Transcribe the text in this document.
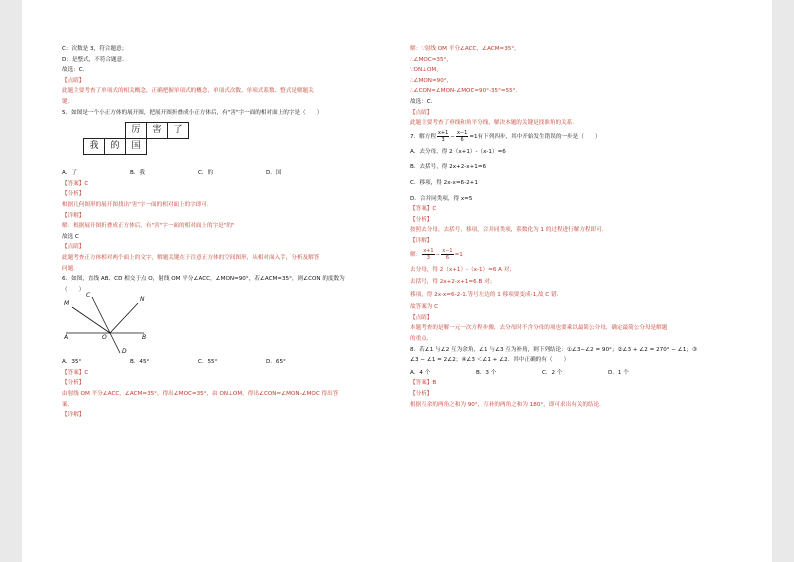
C：次数是 3，符合题意；
D：是整式，不符合题意．
故选：C．
【点睛】
此题主要考查了单项式的相关概念，正确把握单项式的概念、单项式次数、单项式系数、整式是解题关
键．
5．如图是一个小正方体的展开图，把展开图折叠成小正方体后，有"害"字一面的相对面上的字是（　　）
厉	害	了
我	的	国
A．了	B．我	C．的	D．国
【答案】C
【分析】
根据几何图形的展开图找出"害"字一面的相对面上的字即可．
【详解】
解：根据展开图折叠成正方体后，有"害"字一面的相对面上的字是"的"
故选 C
【点睛】
此题考查正方体相对两个面上的文字，解题关键在于注意正方体的空间图形，从相对面入手，分析及解答
问题．
6．如图，直线 AB、CD 相交于点 O，射线 OM 平分∠ACC，∠MON=90°，若∠ACM=35°，则∠CON 的度数为
（　　）
M
C
N
A	O	B
D
A．35°	B．45°	C．55°	D．65°
【答案】C
【分析】
由射线 OM 平分∠ACC，∠ACM=35°，得出∠MOC=35°，由 ON⊥OM，得出∠CON=∠MON-∠MOC 得出答
案．
【详解】
解：∵射线 OM 平分∠ACC，∠ACM=35°，
∴∠MOC=35°，
∵ON⊥OM，
∴∠MON=90°，
∴∠CON=∠MON-∠MOC=90°-35°=55°．
故选：C．
【点睛】
此题主要考查了垂线和角平分线，解决本题的关键是找准角的关系．
7．解方程 $\frac{x+1}{3} - \frac{x-1}{6} =1$有下列四步，其中开始发生错误的一步是（　　）
A．去分母，得 2（x+1）-（x-1）=6
B．去括号，得 2x+2-x+1=6
C．移项，得 2x-x=6-2+1
D．合并同类项，得 x=5
【答案】C
【分析】
按照去分母，去括号，移项，合并同类项，系数化为 1 的过程进行解方程即可．
【详解】
解： $\frac{x+1}{3} - \frac{x-1}{6} =1$
去分母，得 2（x+1）-（x-1）=6 A 对；
去括号，得 2x+2-x+1=6.B 对；
移项，得 2x-x=6-2-1.等号左边的 1 移项要变成-1,故 C 错．
故答案为 C
【点睛】
本题考查的是解一元一次方程步骤，去分母时不含分母的项也要乘以最简公分母，确定最简公分母是解题
的重点．
8．若∠1 与∠2 互为余角，∠1 与∠3 互为补角，则下列结论：①∠3−∠2 = 90°；②∠3 + ∠2 = 270° − ∠1；③
∠3 − ∠1 = 2∠2；④∠3 ＜∠1 + ∠2．其中正确的有（　　）
A．4 个	B．3 个	C．2 个	D．1 个
【答案】B
【分析】
根据互余的两角之和为 90°，互补的两角之和为 180°，即可求出有关的结论．
